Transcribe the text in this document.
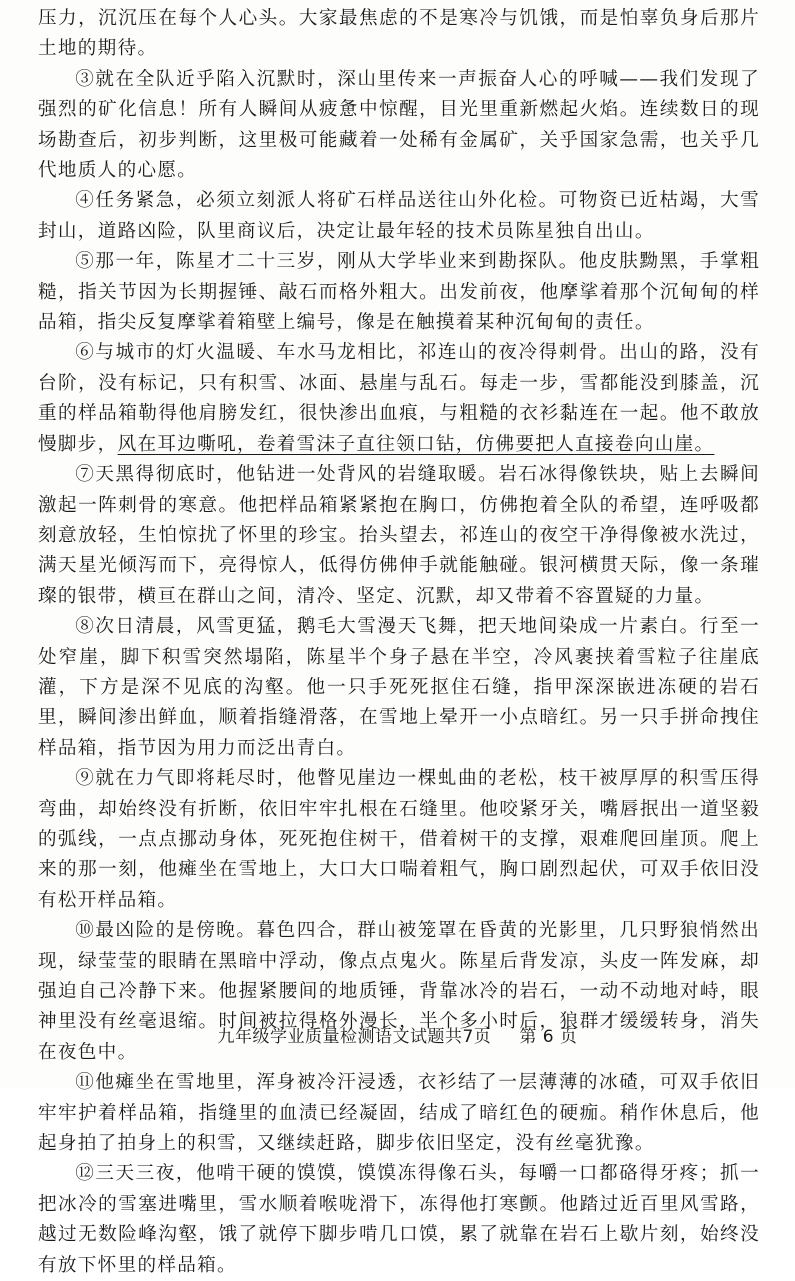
压力，沉沉压在每个人心头。大家最焦虑的不是寒冷与饥饿，而是怕辜负身后那片土地的期待。

③就在全队近乎陷入沉默时，深山里传来一声振奋人心的呼喊——我们发现了强烈的矿化信息！所有人瞬间从疲惫中惊醒，目光里重新燃起火焰。连续数日的现场勘查后，初步判断，这里极可能藏着一处稀有金属矿，关乎国家急需，也关乎几代地质人的心愿。

④任务紧急，必须立刻派人将矿石样品送往山外化检。可物资已近枯竭，大雪封山，道路凶险，队里商议后，决定让最年轻的技术员陈星独自出山。

⑤那一年，陈星才二十三岁，刚从大学毕业来到勘探队。他皮肤黝黑，手掌粗糙，指关节因为长期握锤、敲石而格外粗大。出发前夜，他摩挲着那个沉甸甸的样品箱，指尖反复摩挲着箱壁上编号，像是在触摸着某种沉甸甸的责任。

⑥与城市的灯火温暖、车水马龙相比，祁连山的夜冷得刺骨。出山的路，没有台阶，没有标记，只有积雪、冰面、悬崖与乱石。每走一步，雪都能没到膝盖，沉重的样品箱勒得他肩膀发红，很快渗出血痕，与粗糙的衣衫黏连在一起。他不敢放慢脚步，风在耳边嘶吼，卷着雪沫子直往领口钻，仿佛要把人直接卷向山崖。

⑦天黑得彻底时，他钻进一处背风的岩缝取暖。岩石冰得像铁块，贴上去瞬间激起一阵刺骨的寒意。他把样品箱紧紧抱在胸口，仿佛抱着全队的希望，连呼吸都刻意放轻，生怕惊扰了怀里的珍宝。抬头望去，祁连山的夜空干净得像被水洗过，满天星光倾泻而下，亮得惊人，低得仿佛伸手就能触碰。银河横贯天际，像一条璀璨的银带，横亘在群山之间，清冷、坚定、沉默，却又带着不容置疑的力量。

⑧次日清晨，风雪更猛，鹅毛大雪漫天飞舞，把天地间染成一片素白。行至一处窄崖，脚下积雪突然塌陷，陈星半个身子悬在半空，冷风裹挟着雪粒子往崖底灌，下方是深不见底的沟壑。他一只手死死抠住石缝，指甲深深嵌进冻硬的岩石里，瞬间渗出鲜血，顺着指缝滑落，在雪地上晕开一小点暗红。另一只手拼命拽住样品箱，指节因为用力而泛出青白。

⑨就在力气即将耗尽时，他瞥见崖边一棵虬曲的老松，枝干被厚厚的积雪压得弯曲，却始终没有折断，依旧牢牢扎根在石缝里。他咬紧牙关，嘴唇抿出一道坚毅的弧线，一点点挪动身体，死死抱住树干，借着树干的支撑，艰难爬回崖顶。爬上来的那一刻，他瘫坐在雪地上，大口大口喘着粗气，胸口剧烈起伏，可双手依旧没有松开样品箱。

⑩最凶险的是傍晚。暮色四合，群山被笼罩在昏黄的光影里，几只野狼悄然出现，绿莹莹的眼睛在黑暗中浮动，像点点鬼火。陈星后背发凉，头皮一阵发麻，却强迫自己冷静下来。他握紧腰间的地质锤，背靠冰冷的岩石，一动不动地对峙，眼神里没有丝毫退缩。时间被拉得格外漫长，半个多小时后，狼群才缓缓转身，消失在夜色中。

⑪他瘫坐在雪地里，浑身被冷汗浸透，衣衫结了一层薄薄的冰碴，可双手依旧牢牢护着样品箱，指缝里的血渍已经凝固，结成了暗红色的硬痂。稍作休息后，他起身拍了拍身上的积雪，又继续赶路，脚步依旧坚定，没有丝毫犹豫。

⑫三天三夜，他啃干硬的馍馍，馍馍冻得像石头，每嚼一口都硌得牙疼；抓一把冰冷的雪塞进嘴里，雪水顺着喉咙滑下，冻得他打寒颤。他踏过近百里风雪路，越过无数险峰沟壑，饿了就停下脚步啃几口馍，累了就靠在岩石上歇片刻，始终没有放下怀里的样品箱。

九年级学业质量检测语文试题共7页 第 6 页
